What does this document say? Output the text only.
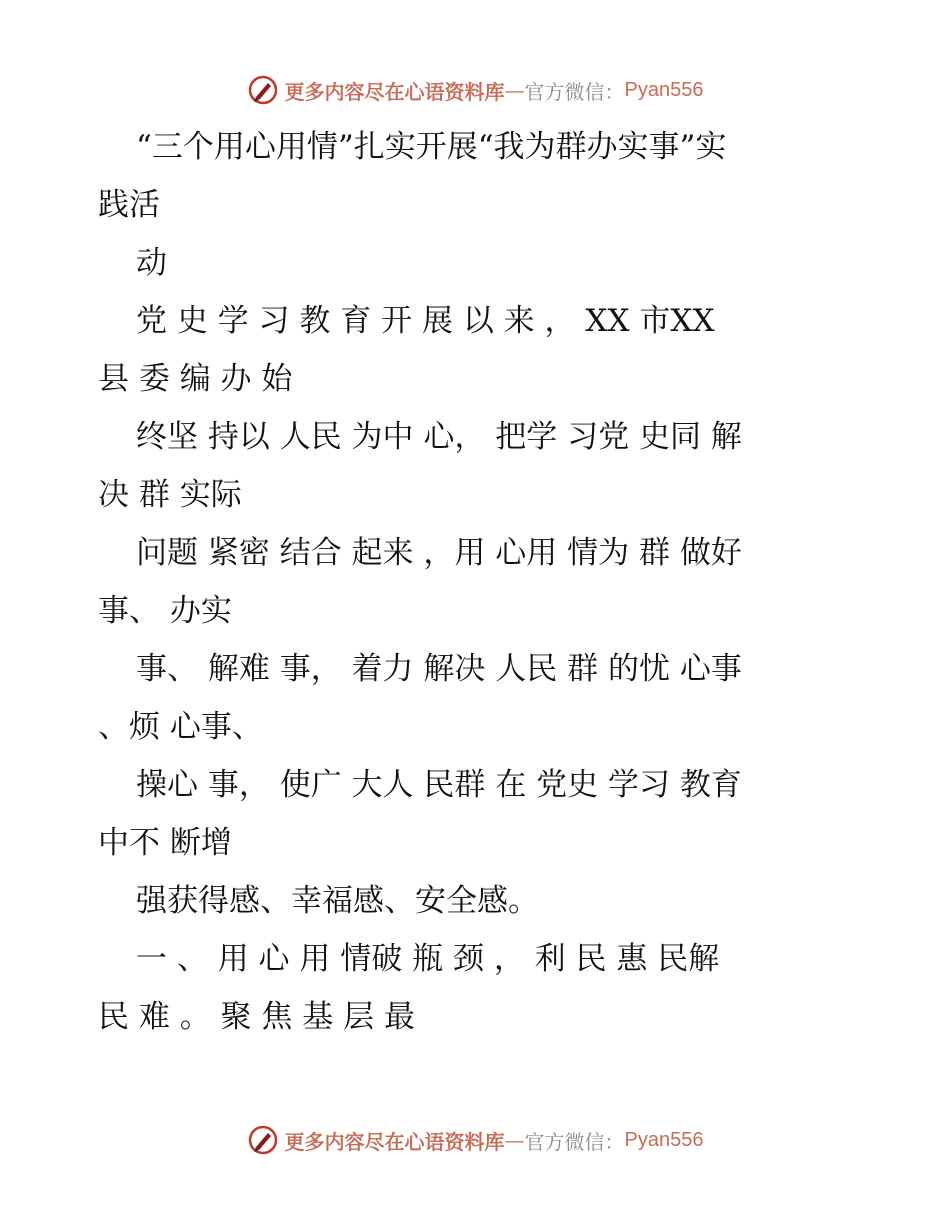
更多内容尽在心语资料库 — 官方微信： Pyan556
“三个用心用情”扎实开展“我为群办实事”实
践活
动
党 史 学 习 教 育 开 展 以 来 ， XX 市XX
县 委 编 办 始
终坚 持以 人民 为中 心， 把学 习党 史同 解
决 群 实际
问题 紧密 结合 起来 ，用 心用 情为 群 做好
事、 办实
事、 解难 事， 着力 解决 人民 群 的忧 心事
、烦 心事、
操心 事， 使广 大人 民群 在 党史 学习 教育
中不 断增
强获得感、幸福感、安全感。
一 、 用 心 用 情破 瓶 颈 ， 利 民 惠 民解
民 难 。 聚 焦 基 层 最
更多内容尽在心语资料库 — 官方微信： Pyan556
